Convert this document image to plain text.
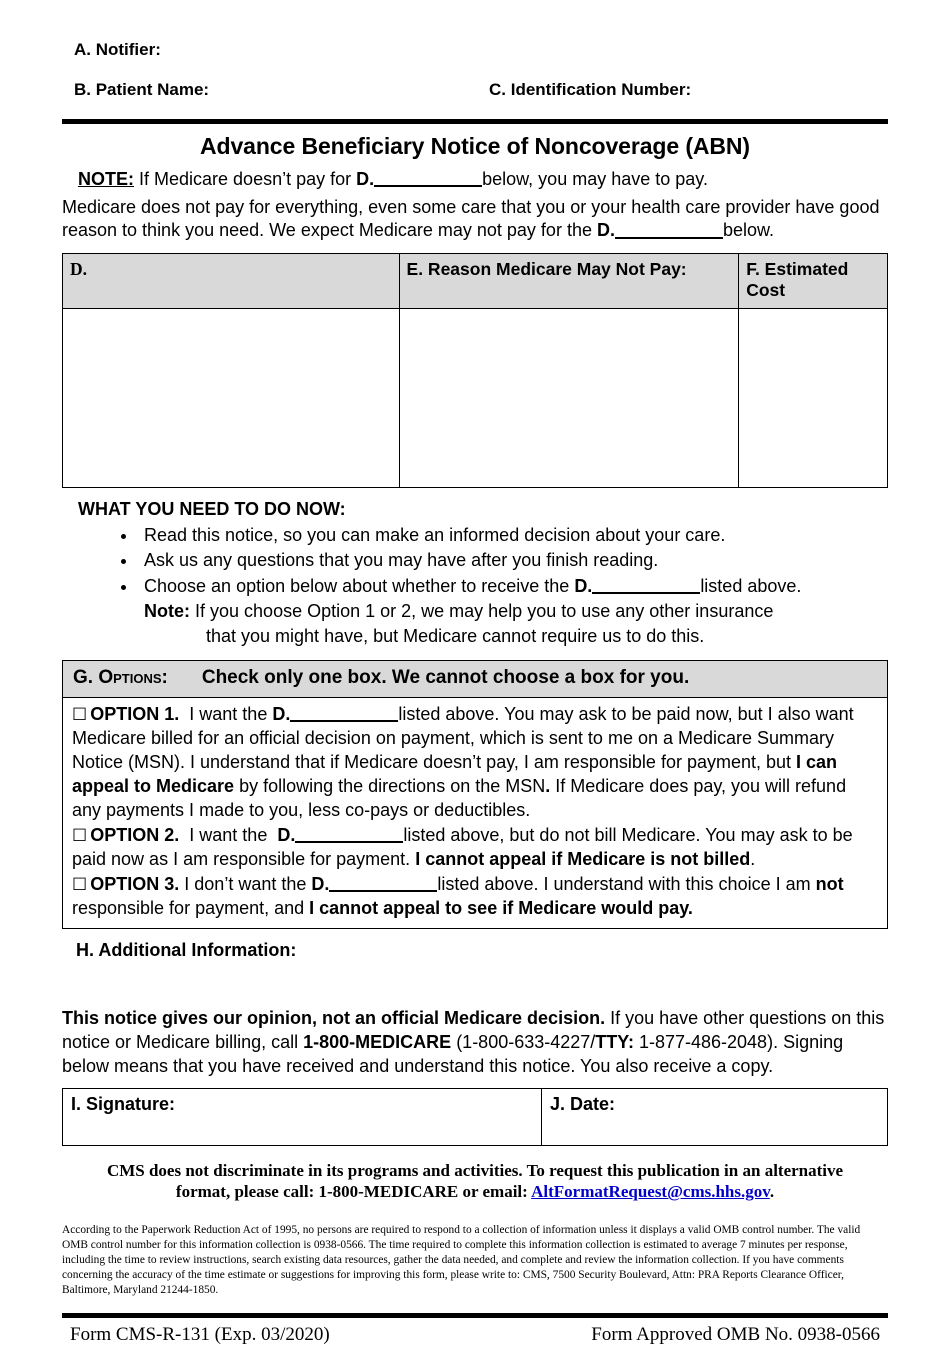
A. Notifier:
B. Patient Name:	C. Identification Number:
Advance Beneficiary Notice of Noncoverage (ABN)
NOTE: If Medicare doesn’t pay for D.	below, you may have to pay.
Medicare does not pay for everything, even some care that you or your health care provider have good reason to think you need. We expect Medicare may not pay for the D.	below.
D.	E. Reason Medicare May Not Pay:	F. Estimated Cost

WHAT YOU NEED TO DO NOW:
• Read this notice, so you can make an informed decision about your care.
• Ask us any questions that you may have after you finish reading.
• Choose an option below about whether to receive the D.	listed above.
Note: If you choose Option 1 or 2, we may help you to use any other insurance
that you might have, but Medicare cannot require us to do this.
G. Options: Check only one box. We cannot choose a box for you.

☐ OPTION 1. I want the D.	listed above. You may ask to be paid now, but I also want Medicare billed for an official decision on payment, which is sent to me on a Medicare Summary Notice (MSN). I understand that if Medicare doesn’t pay, I am responsible for payment, but I can appeal to Medicare by following the directions on the MSN. If Medicare does pay, you will refund any payments I made to you, less co-pays or deductibles.

☐ OPTION 2. I want the D.	listed above, but do not bill Medicare. You may ask to be paid now as I am responsible for payment. I cannot appeal if Medicare is not billed.

☐ OPTION 3. I don’t want the D.	listed above. I understand with this choice I am not responsible for payment, and I cannot appeal to see if Medicare would pay.

H. Additional Information:
This notice gives our opinion, not an official Medicare decision. If you have other questions on this notice or Medicare billing, call 1-800-MEDICARE (1-800-633-4227/TTY: 1-877-486-2048). Signing below means that you have received and understand this notice. You also receive a copy.
I. Signature:	J. Date:
CMS does not discriminate in its programs and activities. To request this publication in an alternative format, please call: 1-800-MEDICARE or email: AltFormatRequest@cms.hhs.gov.
According to the Paperwork Reduction Act of 1995, no persons are required to respond to a collection of information unless it displays a valid OMB control number. The valid OMB control number for this information collection is 0938-0566. The time required to complete this information collection is estimated to average 7 minutes per response, including the time to review instructions, search existing data resources, gather the data needed, and complete and review the information collection. If you have comments concerning the accuracy of the time estimate or suggestions for improving this form, please write to: CMS, 7500 Security Boulevard, Attn: PRA Reports Clearance Officer, Baltimore, Maryland 21244-1850.
Form CMS-R-131 (Exp. 03/2020)	Form Approved OMB No. 0938-0566
